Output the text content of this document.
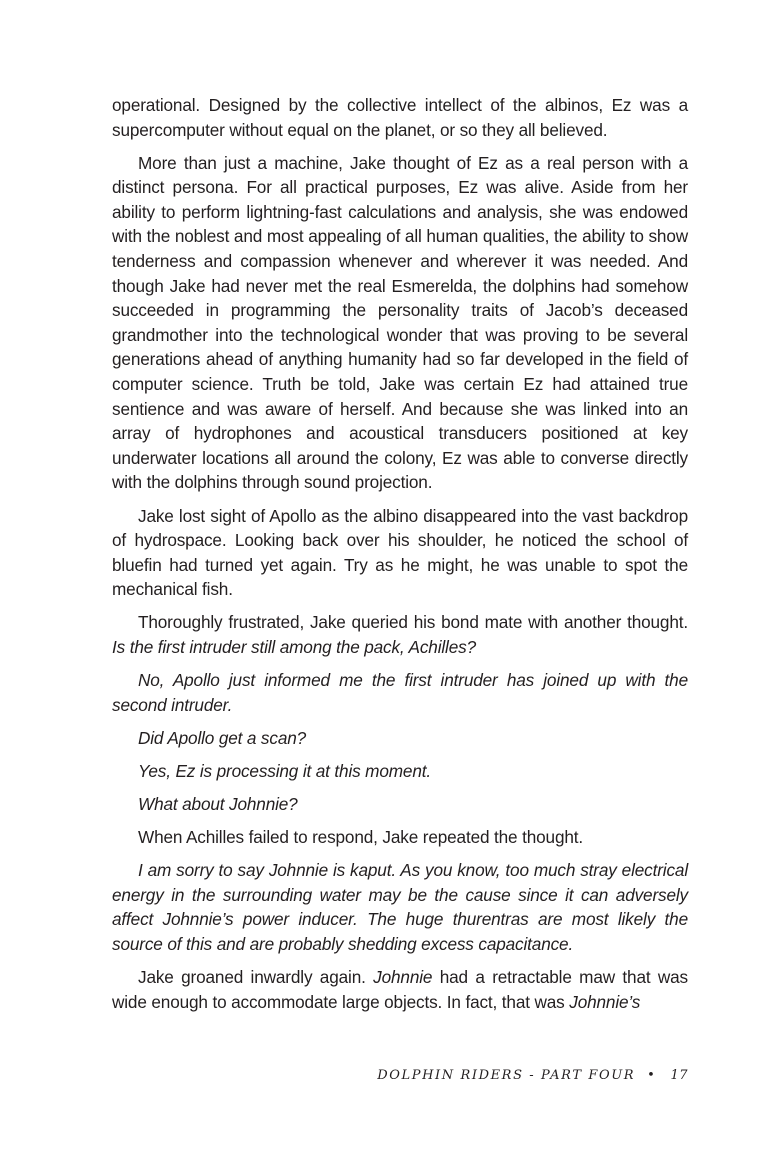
operational. Designed by the collective intellect of the albinos, Ez was a supercomputer without equal on the planet, or so they all believed.

More than just a machine, Jake thought of Ez as a real person with a distinct persona. For all practical purposes, Ez was alive. Aside from her ability to perform lightning-fast calculations and analysis, she was endowed with the noblest and most appealing of all human qualities, the ability to show tenderness and compassion whenever and wherever it was needed. And though Jake had never met the real Esmerelda, the dolphins had somehow succeeded in programming the personality traits of Jacob’s deceased grandmother into the technological wonder that was proving to be several generations ahead of anything humanity had so far developed in the field of computer science. Truth be told, Jake was certain Ez had attained true sentience and was aware of herself. And because she was linked into an array of hydrophones and acoustical transducers positioned at key underwater locations all around the colony, Ez was able to converse directly with the dolphins through sound projection.

Jake lost sight of Apollo as the albino disappeared into the vast backdrop of hydrospace. Looking back over his shoulder, he noticed the school of bluefin had turned yet again. Try as he might, he was unable to spot the mechanical fish.

Thoroughly frustrated, Jake queried his bond mate with another thought. Is the first intruder still among the pack, Achilles?

No, Apollo just informed me the first intruder has joined up with the second intruder.

Did Apollo get a scan?

Yes, Ez is processing it at this moment.

What about Johnnie?

When Achilles failed to respond, Jake repeated the thought.

I am sorry to say Johnnie is kaput. As you know, too much stray electrical energy in the surrounding water may be the cause since it can adversely affect Johnnie’s power inducer. The huge thurentras are most likely the source of this and are probably shedding excess capacitance.

Jake groaned inwardly again. Johnnie had a retractable maw that was wide enough to accommodate large objects. In fact, that was Johnnie’s

DOLPHIN RIDERS - PART FOUR • 17
